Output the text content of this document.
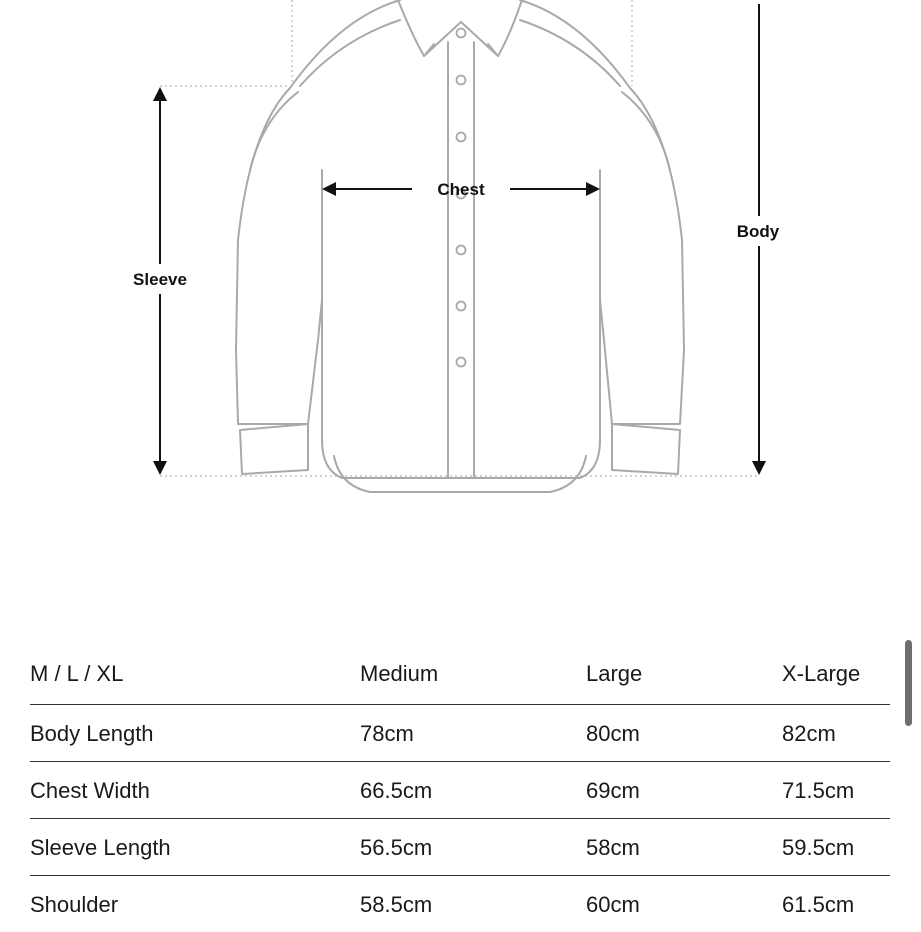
Chest
Sleeve
Body
M / L / XL	Medium	Large	X-Large
Body Length	78cm	80cm	82cm
Chest Width	66.5cm	69cm	71.5cm
Sleeve Length	56.5cm	58cm	59.5cm
Shoulder	58.5cm	60cm	61.5cm
